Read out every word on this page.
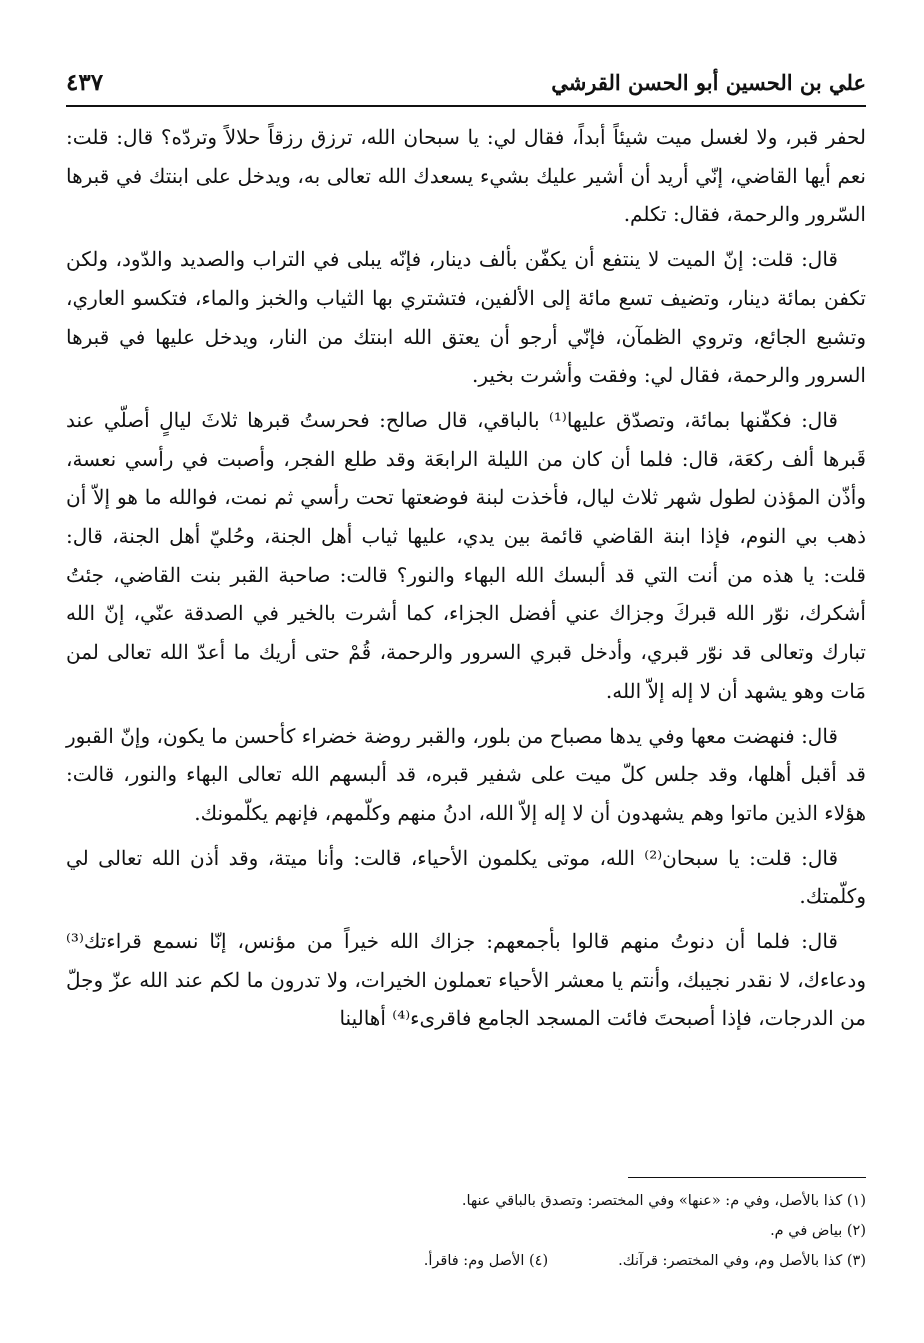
٤٣٧	علي بن الحسين أبو الحسن القرشي

لحفر قبر، ولا لغسل ميت شيئاً أبداً، فقال لي: يا سبحان الله، ترزق رزقاً حلالاً وتردّه؟ قال: قلت: نعم أيها القاضي، إنّي أريد أن أشير عليك بشيء يسعدك الله تعالى به، ويدخل على ابنتك في قبرها السّرور والرحمة، فقال: تكلم.

قال: قلت: إنّ الميت لا ينتفع أن يكفّن بألف دينار، فإنّه يبلى في التراب والصديد والدّود، ولكن تكفن بمائة دينار، وتضيف تسع مائة إلى الألفين، فتشتري بها الثياب والخبز والماء، فتكسو العاري، وتشبع الجائع، وتروي الظمآن، فإنّي أرجو أن يعتق الله ابنتك من النار، ويدخل عليها في قبرها السرور والرحمة، فقال لي: وفقت وأشرت بخير.

قال: فكفّنها بمائة، وتصدّق عليها⁽¹⁾ بالباقي، قال صالح: فحرستُ قبرها ثلاثَ ليالٍ أصلّي عند قَبرها ألف ركعَة، قال: فلما أن كان من الليلة الرابعَة وقد طلع الفجر، وأصبت في رأسي نعسة، وأذّن المؤذن لطول شهر ثلاث ليال، فأخذت لبنة فوضعتها تحت رأسي ثم نمت، فوالله ما هو إلاّ أن ذهب بي النوم، فإذا ابنة القاضي قائمة بين يدي، عليها ثياب أهل الجنة، وحُليّ أهل الجنة، قال: قلت: يا هذه من أنت التي قد ألبسك الله البهاء والنور؟ قالت: صاحبة القبر بنت القاضي، جئتُ أشكرك، نوّر الله قبركَ وجزاك عني أفضل الجزاء، كما أشرت بالخير في الصدقة عنّي، إنّ الله تبارك وتعالى قد نوّر قبري، وأدخل قبري السرور والرحمة، قُمْ حتى أريك ما أعدّ الله تعالى لمن مَات وهو يشهد أن لا إله إلاّ الله.

قال: فنهضت معها وفي يدها مصباح من بلور، والقبر روضة خضراء كأحسن ما يكون، وإنّ القبور قد أقبل أهلها، وقد جلس كلّ ميت على شفير قبره، قد ألبسهم الله تعالى البهاء والنور، قالت: هؤلاء الذين ماتوا وهم يشهدون أن لا إله إلاّ الله، ادنُ منهم وكلّمهم، فإنهم يكلّمونك.

قال: قلت: يا سبحان⁽²⁾ الله، موتى يكلمون الأحياء، قالت: وأنا ميتة، وقد أذن الله تعالى لي وكلّمتك.

قال: فلما أن دنوتُ منهم قالوا بأجمعهم: جزاك الله خيراً من مؤنس، إنّا نسمع قراءتك⁽³⁾ ودعاءك، لا نقدر نجيبك، وأنتم يا معشر الأحياء تعملون الخيرات، ولا تدرون ما لكم عند الله عزّ وجلّ من الدرجات، فإذا أصبحتَ فائت المسجد الجامع فاقرىء⁽⁴⁾ أهالينا

(١) كذا بالأصل، وفي م: «عنها» وفي المختصر: وتصدق بالباقي عنها.
(٢) بياض في م.
(٣) كذا بالأصل وم، وفي المختصر: قرآنك.
(٤) الأصل وم: فاقرأ.
